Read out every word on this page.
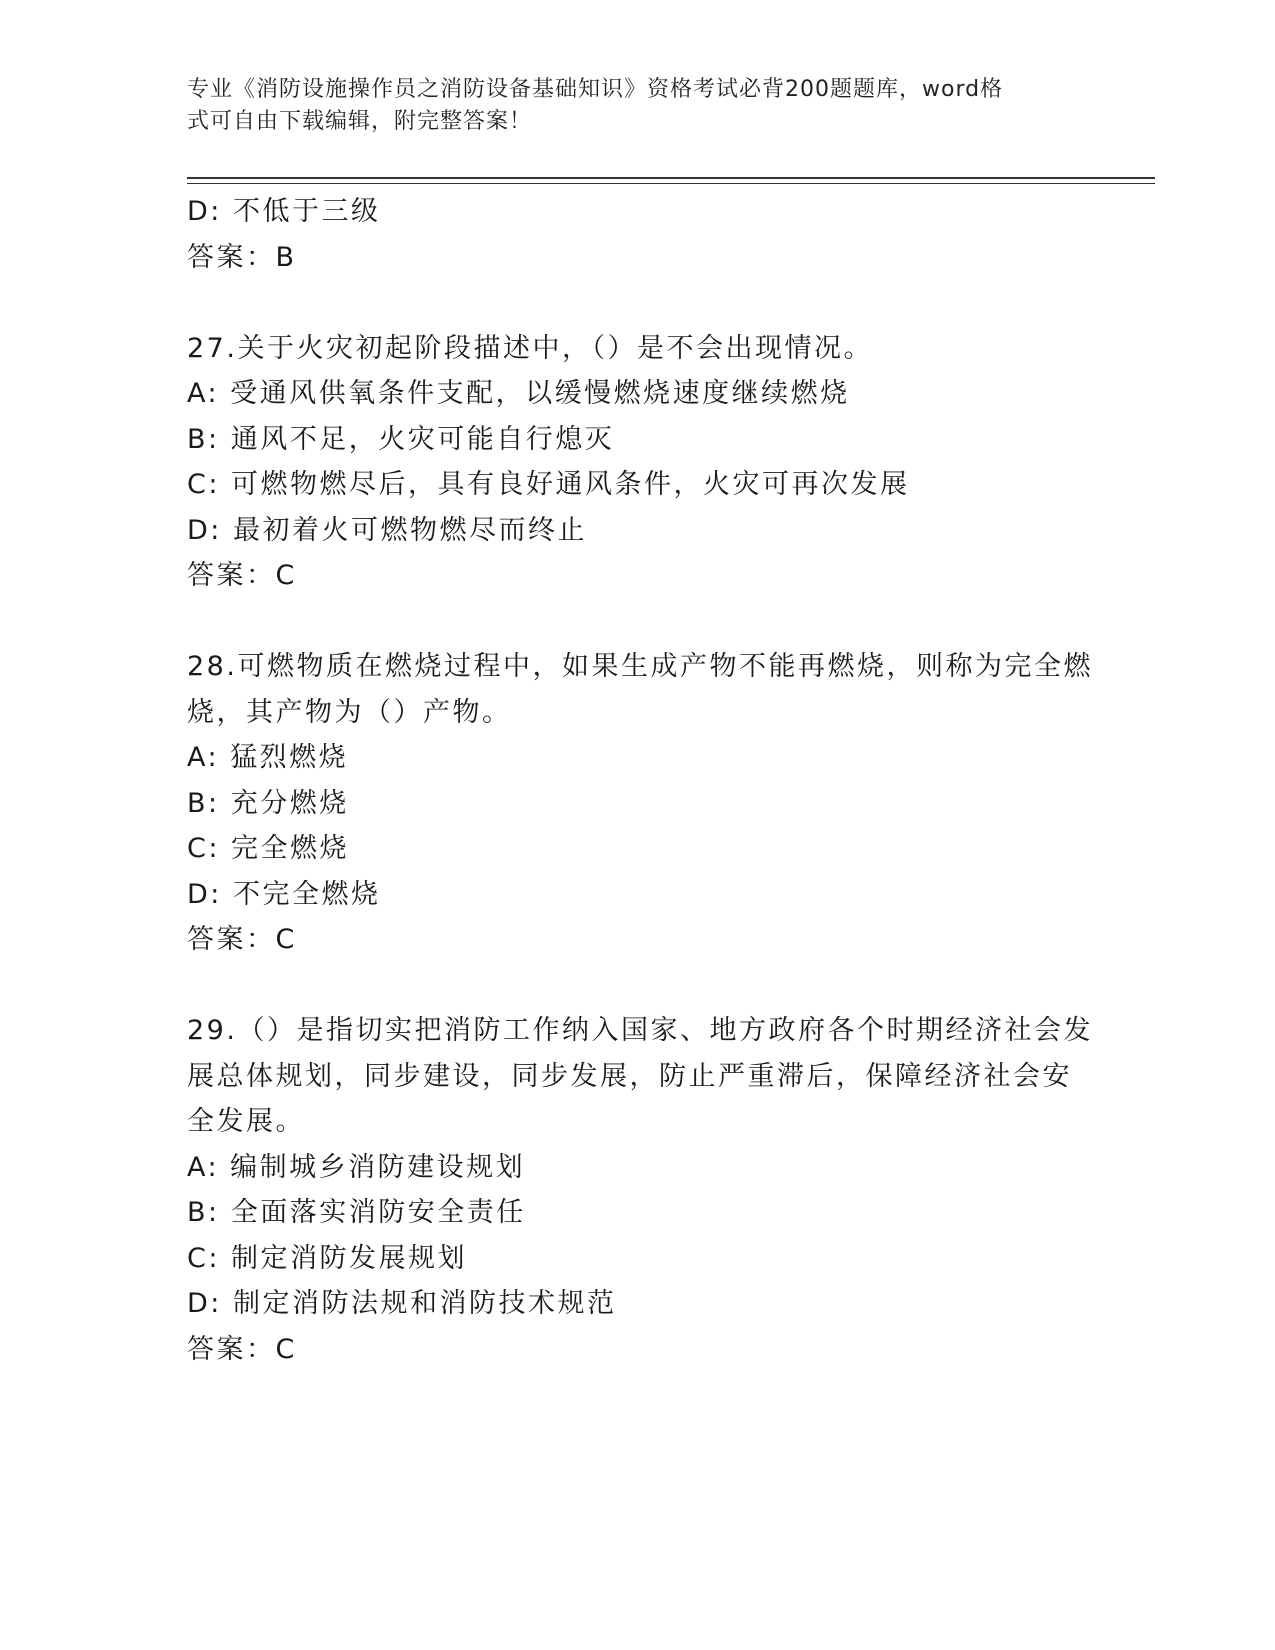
专业《消防设施操作员之消防设备基础知识》资格考试必背200题题库，word格
式可自由下载编辑，附完整答案！
D: 不低于三级
答案：B
27.关于火灾初起阶段描述中，（）是不会出现情况。
A: 受通风供氧条件支配，以缓慢燃烧速度继续燃烧
B: 通风不足，火灾可能自行熄灭
C: 可燃物燃尽后，具有良好通风条件，火灾可再次发展
D: 最初着火可燃物燃尽而终止
答案：C
28.可燃物质在燃烧过程中，如果生成产物不能再燃烧，则称为完全燃
烧，其产物为（）产物。
A: 猛烈燃烧
B: 充分燃烧
C: 完全燃烧
D: 不完全燃烧
答案：C
29.（）是指切实把消防工作纳入国家、地方政府各个时期经济社会发
展总体规划，同步建设，同步发展，防止严重滞后，保障经济社会安
全发展。
A: 编制城乡消防建设规划
B: 全面落实消防安全责任
C: 制定消防发展规划
D: 制定消防法规和消防技术规范
答案：C
